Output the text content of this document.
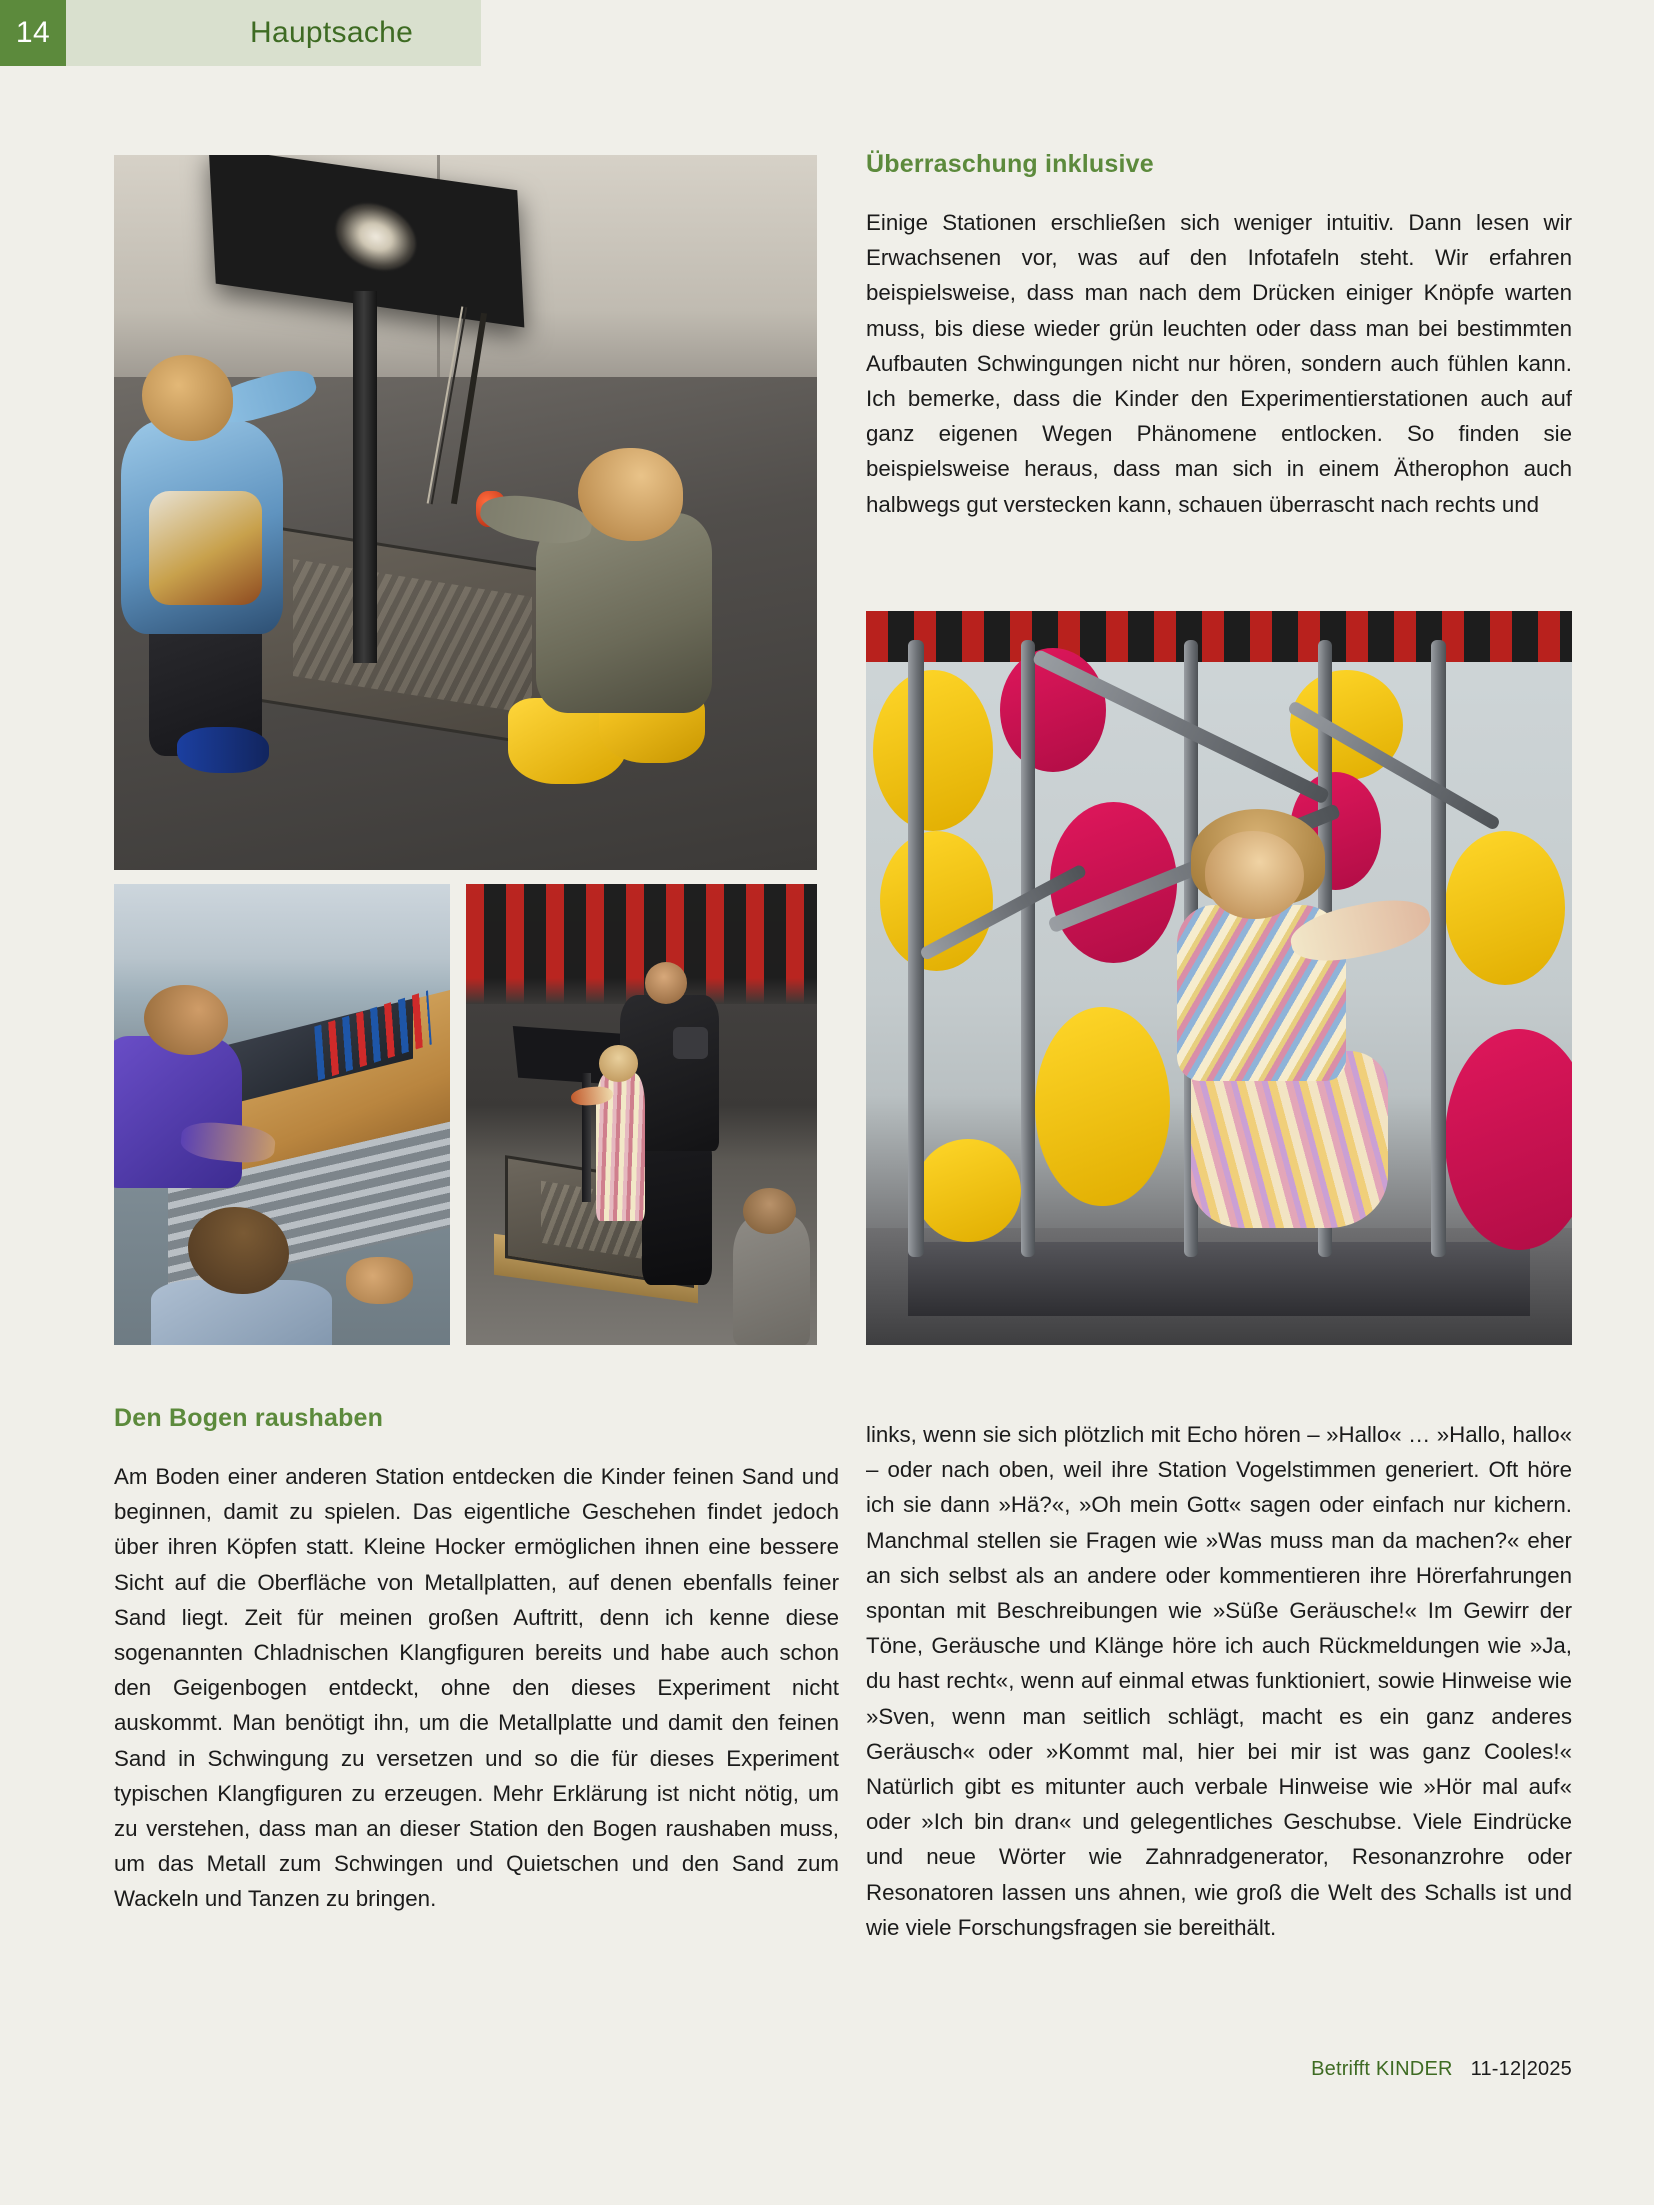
14	Hauptsache
Überraschung inklusive
Einige Stationen erschließen sich weniger intuitiv. Dann lesen wir Erwachsenen vor, was auf den Infotafeln steht. Wir erfahren beispielsweise, dass man nach dem Drücken einiger Knöpfe warten muss, bis diese wieder grün leuchten oder dass man bei bestimmten Aufbauten Schwingungen nicht nur hören, sondern auch fühlen kann. Ich bemerke, dass die Kinder den Experimentierstationen auch auf ganz eigenen Wegen Phänomene entlocken. So finden sie beispielsweise heraus, dass man sich in einem Ätherophon auch halbwegs gut verstecken kann, schauen überrascht nach rechts und
Den Bogen raushaben
Am Boden einer anderen Station entdecken die Kinder feinen Sand und beginnen, damit zu spielen. Das eigentliche Geschehen findet jedoch über ihren Köpfen statt. Kleine Hocker ermöglichen ihnen eine bessere Sicht auf die Oberfläche von Metallplatten, auf denen ebenfalls feiner Sand liegt. Zeit für meinen großen Auftritt, denn ich kenne diese sogenannten Chladnischen Klangfiguren bereits und habe auch schon den Geigenbogen entdeckt, ohne den dieses Experiment nicht auskommt. Man benötigt ihn, um die Metallplatte und damit den feinen Sand in Schwingung zu versetzen und so die für dieses Experiment typischen Klangfiguren zu erzeugen. Mehr Erklärung ist nicht nötig, um zu verstehen, dass man an dieser Station den Bogen raushaben muss, um das Metall zum Schwingen und Quietschen und den Sand zum Wackeln und Tanzen zu bringen.
links, wenn sie sich plötzlich mit Echo hören – »Hallo« … »Hallo, hallo« – oder nach oben, weil ihre Station Vogelstimmen generiert. Oft höre ich sie dann »Hä?«, »Oh mein Gott« sagen oder einfach nur kichern. Manchmal stellen sie Fragen wie »Was muss man da machen?« eher an sich selbst als an andere oder kommentieren ihre Hörerfahrungen spontan mit Beschreibungen wie »Süße Geräusche!« Im Gewirr der Töne, Geräusche und Klänge höre ich auch Rückmeldungen wie »Ja, du hast recht«, wenn auf einmal etwas funktioniert, sowie Hinweise wie »Sven, wenn man seitlich schlägt, macht es ein ganz anderes Geräusch« oder »Kommt mal, hier bei mir ist was ganz Cooles!« Natürlich gibt es mitunter auch verbale Hinweise wie »Hör mal auf« oder »Ich bin dran« und gelegentliches Geschubse. Viele Eindrücke und neue Wörter wie Zahnradgenerator, Resonanzrohre oder Resonatoren lassen uns ahnen, wie groß die Welt des Schalls ist und wie viele Forschungsfragen sie bereithält.
Betrifft KINDER 11-12|2025
